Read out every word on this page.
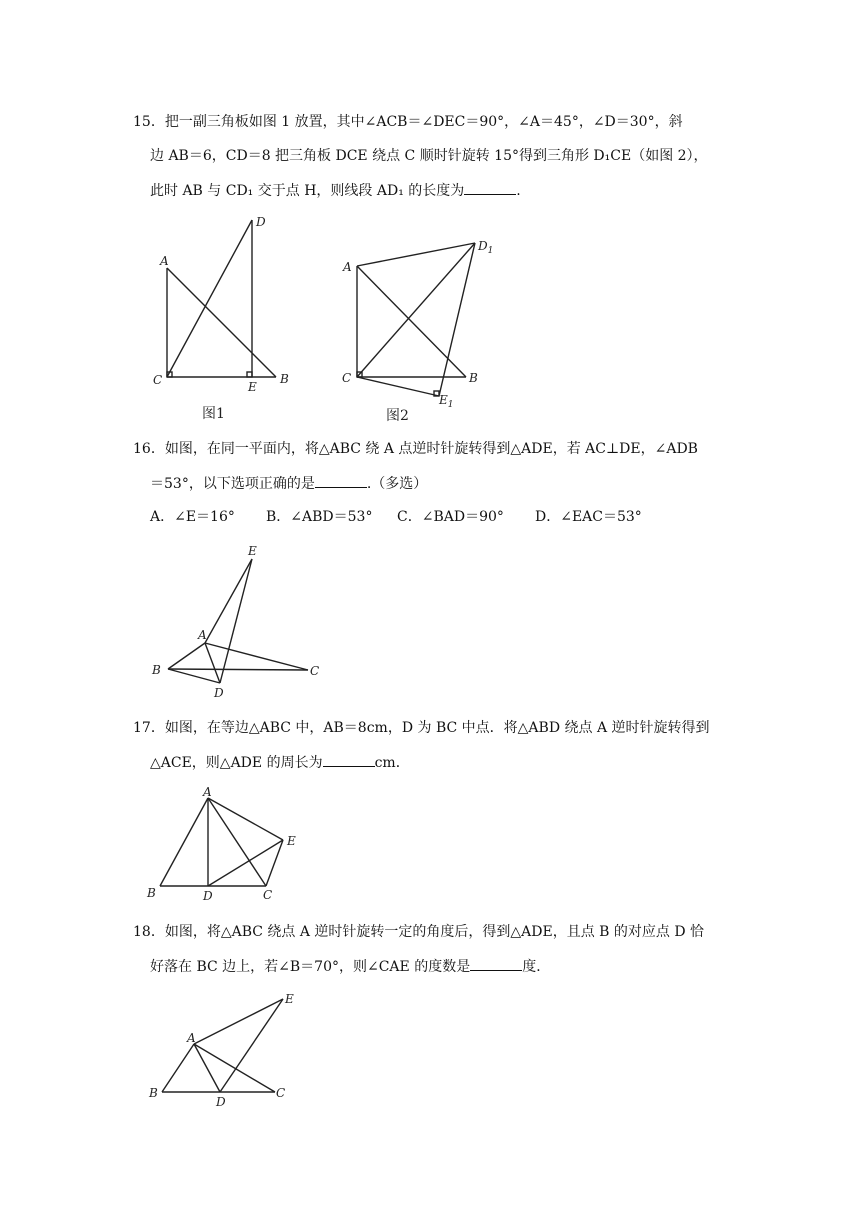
15．把一副三角板如图 1 放置，其中∠ACB＝∠DEC＝90°，∠A＝45°，∠D＝30°，斜
边 AB＝6，CD＝8 把三角板 DCE 绕点 C 顺时针旋转 15°得到三角形 D₁CE（如图 2），
此时 AB 与 CD₁ 交于点 H，则线段 AD₁ 的长度为	.
A
C	B
D
E
图1
A
C	B
$D_1$
$E_1$
图2
16．如图，在同一平面内，将△ABC 绕 A 点逆时针旋转得到△ADE，若 AC⊥DE，∠ADB
＝53°，以下选项正确的是	.（多选）
A．∠E＝16° B．∠ABD＝53° C．∠BAD＝90° D．∠EAC＝53°
A
B	C
D
E
17．如图，在等边△ABC 中，AB＝8cm，D 为 BC 中点．将△ABD 绕点 A 逆时针旋转得到
△ACE，则△ADE 的周长为	cm．
A
B	C
D
E
18．如图，将△ABC 绕点 A 逆时针旋转一定的角度后，得到△ADE，且点 B 的对应点 D 恰
好落在 BC 边上，若∠B＝70°，则∠CAE 的度数是	度．
A
B	C
D
E
